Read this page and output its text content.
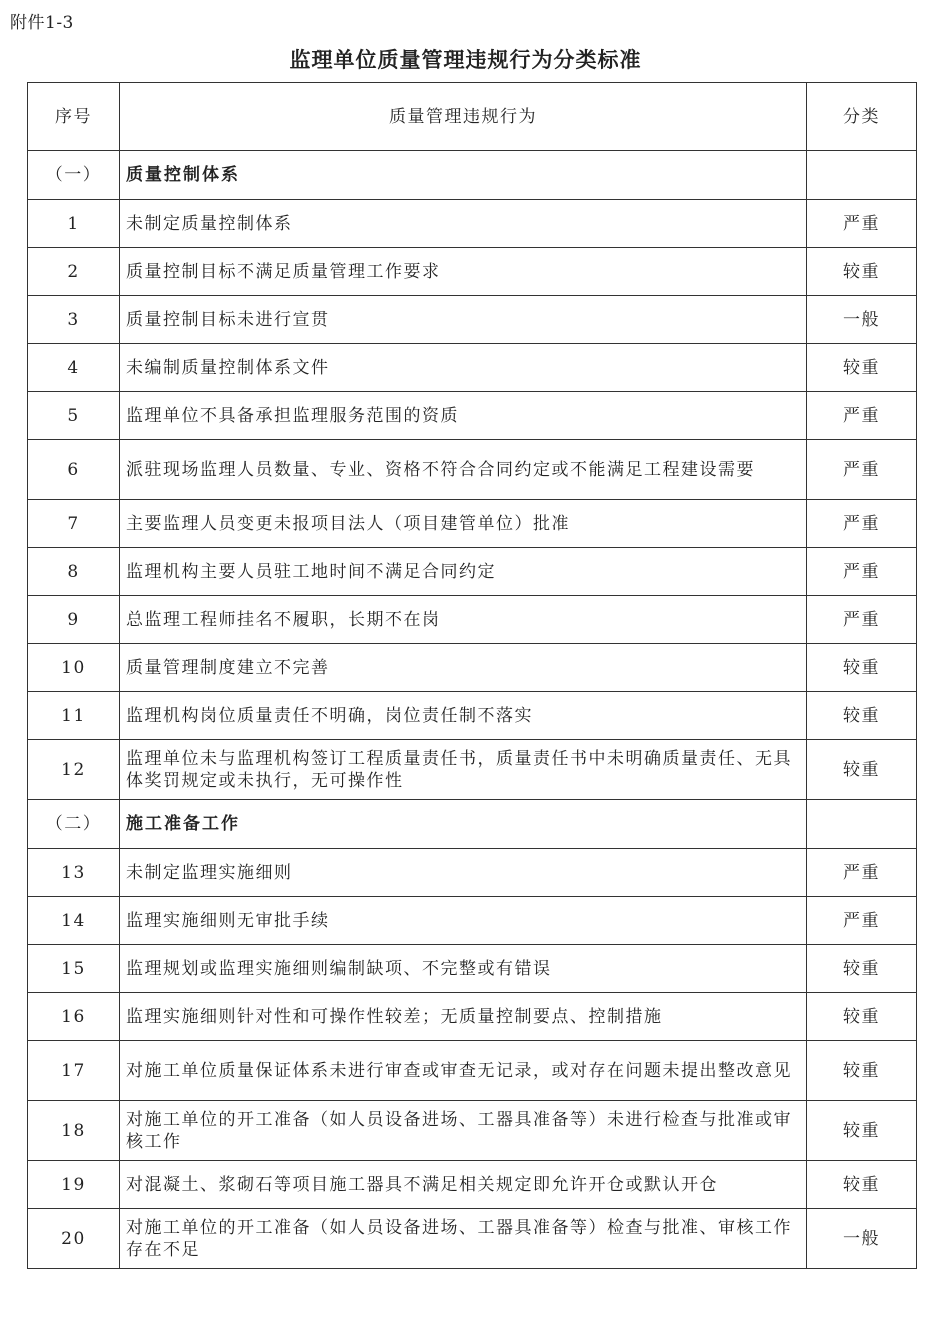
附件1-3
监理单位质量管理违规行为分类标准
序号	质量管理违规行为	分类
（一）	质量控制体系	
1	未制定质量控制体系	严重
2	质量控制目标不满足质量管理工作要求	较重
3	质量控制目标未进行宣贯	一般
4	未编制质量控制体系文件	较重
5	监理单位不具备承担监理服务范围的资质	严重
6	派驻现场监理人员数量、专业、资格不符合合同约定或不能满足工程建设需要	严重
7	主要监理人员变更未报项目法人（项目建管单位）批准	严重
8	监理机构主要人员驻工地时间不满足合同约定	严重
9	总监理工程师挂名不履职，长期不在岗	严重
10	质量管理制度建立不完善	较重
11	监理机构岗位质量责任不明确，岗位责任制不落实	较重
12	监理单位未与监理机构签订工程质量责任书，质量责任书中未明确质量责任、无具体奖罚规定或未执行，无可操作性	较重
（二）	施工准备工作	
13	未制定监理实施细则	严重
14	监理实施细则无审批手续	严重
15	监理规划或监理实施细则编制缺项、不完整或有错误	较重
16	监理实施细则针对性和可操作性较差；无质量控制要点、控制措施	较重
17	对施工单位质量保证体系未进行审查或审查无记录，或对存在问题未提出整改意见	较重
18	对施工单位的开工准备（如人员设备进场、工器具准备等）未进行检查与批准或审核工作	较重
19	对混凝土、浆砌石等项目施工器具不满足相关规定即允许开仓或默认开仓	较重
20	对施工单位的开工准备（如人员设备进场、工器具准备等）检查与批准、审核工作存在不足	一般
